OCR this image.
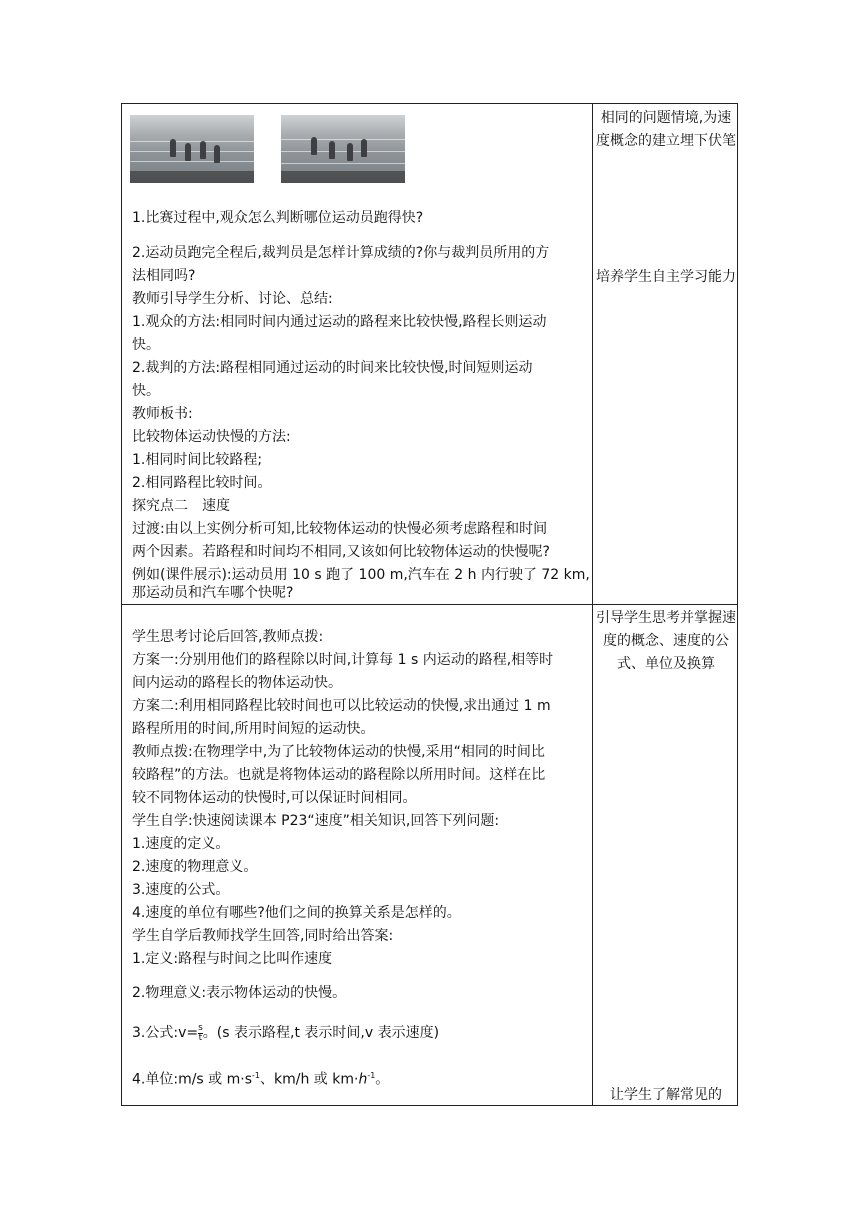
1.比赛过程中,观众怎么判断哪位运动员跑得快?
2.运动员跑完全程后,裁判员是怎样计算成绩的?你与裁判员所用的方
法相同吗?
教师引导学生分析、讨论、总结:
1.观众的方法:相同时间内通过运动的路程来比较快慢,路程长则运动
快。
2.裁判的方法:路程相同通过运动的时间来比较快慢,时间短则运动
快。
教师板书:
比较物体运动快慢的方法:
1.相同时间比较路程;
2.相同路程比较时间。
探究点二　速度
过渡:由以上实例分析可知,比较物体运动的快慢必须考虑路程和时间
两个因素。若路程和时间均不相同,又该如何比较物体运动的快慢呢?
例如(课件展示):运动员用 10 s 跑了 100 m,汽车在 2 h 内行驶了 72 km,
那运动员和汽车哪个快呢?
相同的问题情境,为速度概念的建立埋下伏笔
培养学生自主学习能力
学生思考讨论后回答,教师点拨:
方案一:分别用他们的路程除以时间,计算每 1 s 内运动的路程,相等时
间内运动的路程长的物体运动快。
方案二:利用相同路程比较时间也可以比较运动的快慢,求出通过 1 m
路程所用的时间,所用时间短的运动快。
教师点拨:在物理学中,为了比较物体运动的快慢,采用“相同的时间比
较路程”的方法。也就是将物体运动的路程除以所用时间。这样在比
较不同物体运动的快慢时,可以保证时间相同。
学生自学:快速阅读课本 P23“速度”相关知识,回答下列问题:
1.速度的定义。
2.速度的物理意义。
3.速度的公式。
4.速度的单位有哪些?他们之间的换算关系是怎样的。
学生自学后教师找学生回答,同时给出答案:
1.定义:路程与时间之比叫作速度
2.物理意义:表示物体运动的快慢。
3.公式:v= $\frac{s}{t}$ 。(s 表示路程,t 表示时间,v 表示速度)
4.单位:m/s 或 $m\cdot s^{-1}$、km/h 或 $km\cdot h^{-1}$。
引导学生思考并掌握速度的概念、速度的公式、单位及换算
让学生了解常见的
